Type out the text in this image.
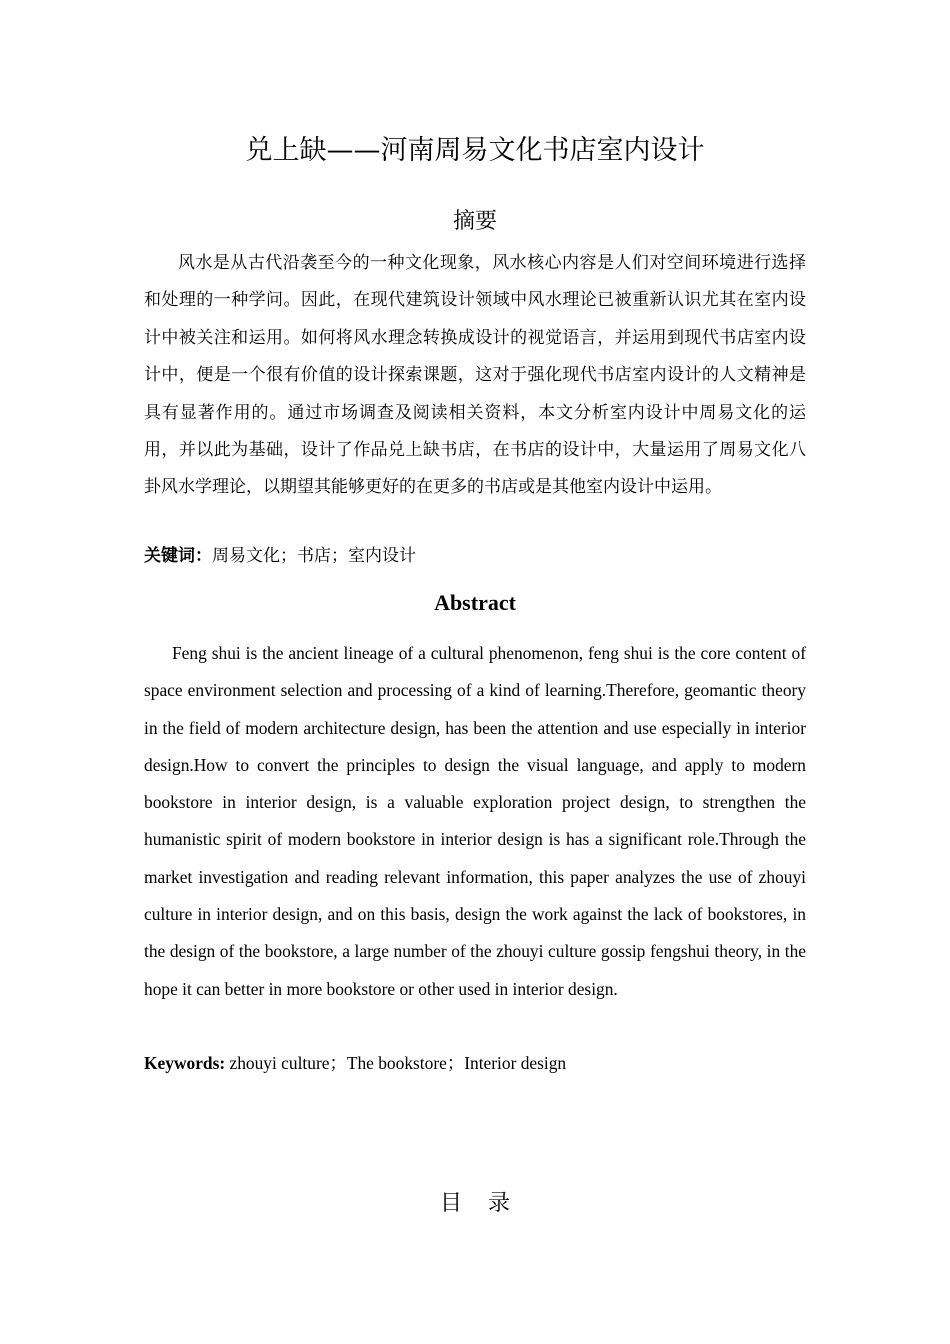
兑上缺——河南周易文化书店室内设计
摘要

风水是从古代沿袭至今的一种文化现象，风水核心内容是人们对空间环境进行选择和处理的一种学问。因此，在现代建筑设计领域中风水理论已被重新认识尤其在室内设计中被关注和运用。如何将风水理念转换成设计的视觉语言，并运用到现代书店室内设计中，便是一个很有价值的设计探索课题，这对于强化现代书店室内设计的人文精神是具有显著作用的。通过市场调查及阅读相关资料，本文分析室内设计中周易文化的运用，并以此为基础，设计了作品兑上缺书店，在书店的设计中，大量运用了周易文化八卦风水学理论，以期望其能够更好的在更多的书店或是其他室内设计中运用。

关键词：周易文化；书店；室内设计

Abstract

Feng shui is the ancient lineage of a cultural phenomenon, feng shui is the core content of space environment selection and processing of a kind of learning.Therefore, geomantic theory in the field of modern architecture design, has been the attention and use especially in interior design.How to convert the principles to design the visual language, and apply to modern bookstore in interior design, is a valuable exploration project design, to strengthen the humanistic spirit of modern bookstore in interior design is has a significant role.Through the market investigation and reading relevant information, this paper analyzes the use of zhouyi culture in interior design, and on this basis, design the work against the lack of bookstores, in the design of the bookstore, a large number of the zhouyi culture gossip fengshui theory, in the hope it can better in more bookstore or other used in interior design.

Keywords: zhouyi culture；The bookstore；Interior design

目录
